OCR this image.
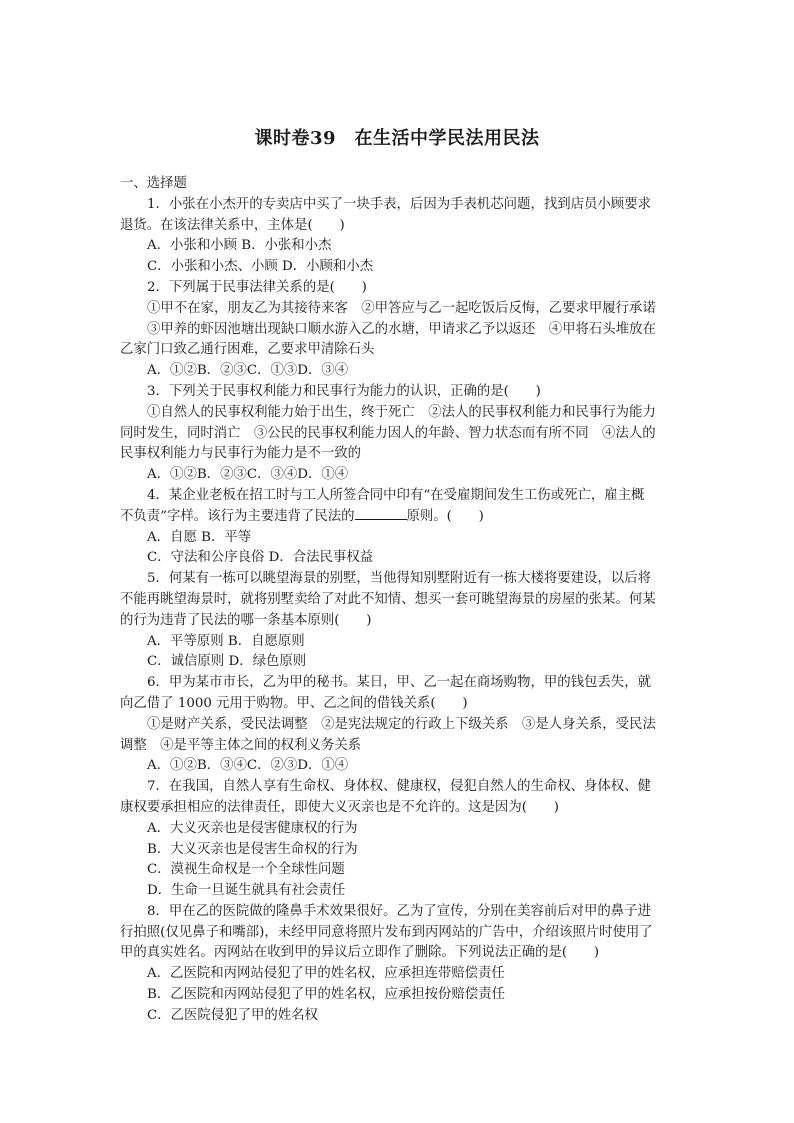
课时卷39　在生活中学民法用民法
一、选择题
1．小张在小杰开的专卖店中买了一块手表，后因为手表机芯问题，找到店员小顾要求
退货。在该法律关系中，主体是(　　)
A．小张和小顾 B．小张和小杰
C．小张和小杰、小顾 D．小顾和小杰
2．下列属于民事法律关系的是(　　)
①甲不在家，朋友乙为其接待来客　②甲答应与乙一起吃饭后反悔，乙要求甲履行承诺
③甲养的虾因池塘出现缺口顺水游入乙的水塘，甲请求乙予以返还　④甲将石头堆放在
乙家门口致乙通行困难，乙要求甲清除石头
A．①②B．②③C．①③D．③④
3．下列关于民事权利能力和民事行为能力的认识，正确的是(　　)
①自然人的民事权利能力始于出生，终于死亡　②法人的民事权利能力和民事行为能力
同时发生，同时消亡　③公民的民事权利能力因人的年龄、智力状态而有所不同　④法人的
民事权利能力与民事行为能力是不一致的
A．①②B．②③C．③④D．①④
4．某企业老板在招工时与工人所签合同中印有“在受雇期间发生工伤或死亡，雇主概
不负责”字样。该行为主要违背了民法的	原则。(　　)
A．自愿 B．平等
C．守法和公序良俗 D．合法民事权益
5．何某有一栋可以眺望海景的别墅，当他得知别墅附近有一栋大楼将要建设，以后将
不能再眺望海景时，就将别墅卖给了对此不知情、想买一套可眺望海景的房屋的张某。何某
的行为违背了民法的哪一条基本原则(　　)
A．平等原则 B．自愿原则
C．诚信原则 D．绿色原则
6．甲为某市市长，乙为甲的秘书。某日，甲、乙一起在商场购物，甲的钱包丢失，就
向乙借了 1000 元用于购物。甲、乙之间的借钱关系(　　)
①是财产关系，受民法调整　②是宪法规定的行政上下级关系　③是人身关系，受民法
调整　④是平等主体之间的权利义务关系
A．①②B．③④C．②③D．①④
7．在我国，自然人享有生命权、身体权、健康权，侵犯自然人的生命权、身体权、健
康权要承担相应的法律责任，即使大义灭亲也是不允许的。这是因为(　　)
A．大义灭亲也是侵害健康权的行为
B．大义灭亲也是侵害生命权的行为
C．漠视生命权是一个全球性问题
D．生命一旦诞生就具有社会责任
8．甲在乙的医院做的隆鼻手术效果很好。乙为了宣传，分别在美容前后对甲的鼻子进
行拍照(仅见鼻子和嘴部)，未经甲同意将照片发布到丙网站的广告中，介绍该照片时使用了
甲的真实姓名。丙网站在收到甲的异议后立即作了删除。下列说法正确的是(　　)
A．乙医院和丙网站侵犯了甲的姓名权，应承担连带赔偿责任
B．乙医院和丙网站侵犯了甲的姓名权，应承担按份赔偿责任
C．乙医院侵犯了甲的姓名权
